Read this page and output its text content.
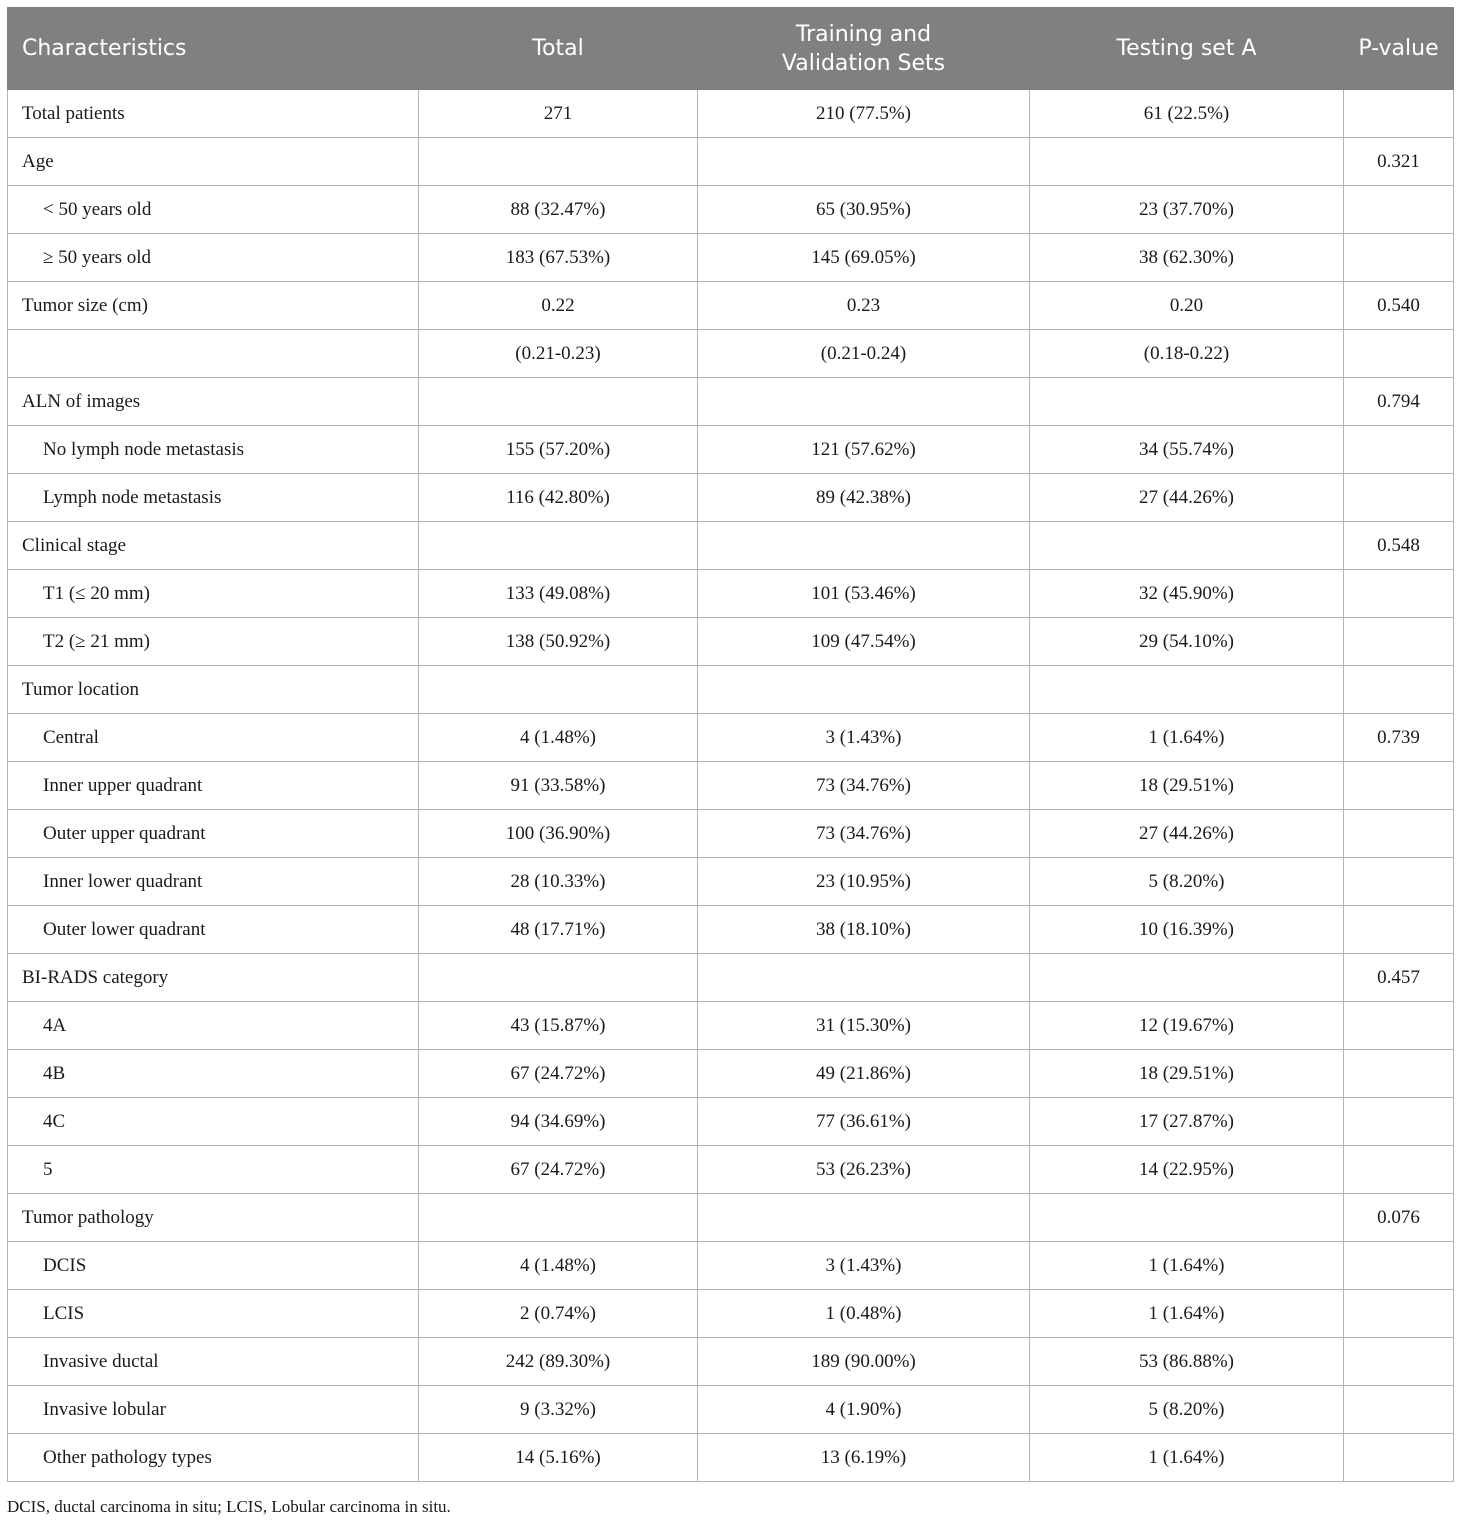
Characteristics	Total	Training and
Validation Sets	Testing set A	P-value
Total patients	271	210 (77.5%)	61 (22.5%)	
Age				0.321
< 50 years old	88 (32.47%)	65 (30.95%)	23 (37.70%)	
≥ 50 years old	183 (67.53%)	145 (69.05%)	38 (62.30%)	
Tumor size (cm)	0.22	0.23	0.20	0.540
	(0.21-0.23)	(0.21-0.24)	(0.18-0.22)	
ALN of images				0.794
No lymph node metastasis	155 (57.20%)	121 (57.62%)	34 (55.74%)	
Lymph node metastasis	116 (42.80%)	89 (42.38%)	27 (44.26%)	
Clinical stage				0.548
T1 (≤ 20 mm)	133 (49.08%)	101 (53.46%)	32 (45.90%)	
T2 (≥ 21 mm)	138 (50.92%)	109 (47.54%)	29 (54.10%)	
Tumor location				
Central	4 (1.48%)	3 (1.43%)	1 (1.64%)	0.739
Inner upper quadrant	91 (33.58%)	73 (34.76%)	18 (29.51%)	
Outer upper quadrant	100 (36.90%)	73 (34.76%)	27 (44.26%)	
Inner lower quadrant	28 (10.33%)	23 (10.95%)	5 (8.20%)	
Outer lower quadrant	48 (17.71%)	38 (18.10%)	10 (16.39%)	
BI-RADS category				0.457
4A	43 (15.87%)	31 (15.30%)	12 (19.67%)	
4B	67 (24.72%)	49 (21.86%)	18 (29.51%)	
4C	94 (34.69%)	77 (36.61%)	17 (27.87%)	
5	67 (24.72%)	53 (26.23%)	14 (22.95%)	
Tumor pathology				0.076
DCIS	4 (1.48%)	3 (1.43%)	1 (1.64%)	
LCIS	2 (0.74%)	1 (0.48%)	1 (1.64%)	
Invasive ductal	242 (89.30%)	189 (90.00%)	53 (86.88%)	
Invasive lobular	9 (3.32%)	4 (1.90%)	5 (8.20%)	
Other pathology types	14 (5.16%)	13 (6.19%)	1 (1.64%)	
DCIS, ductal carcinoma in situ; LCIS, Lobular carcinoma in situ.
